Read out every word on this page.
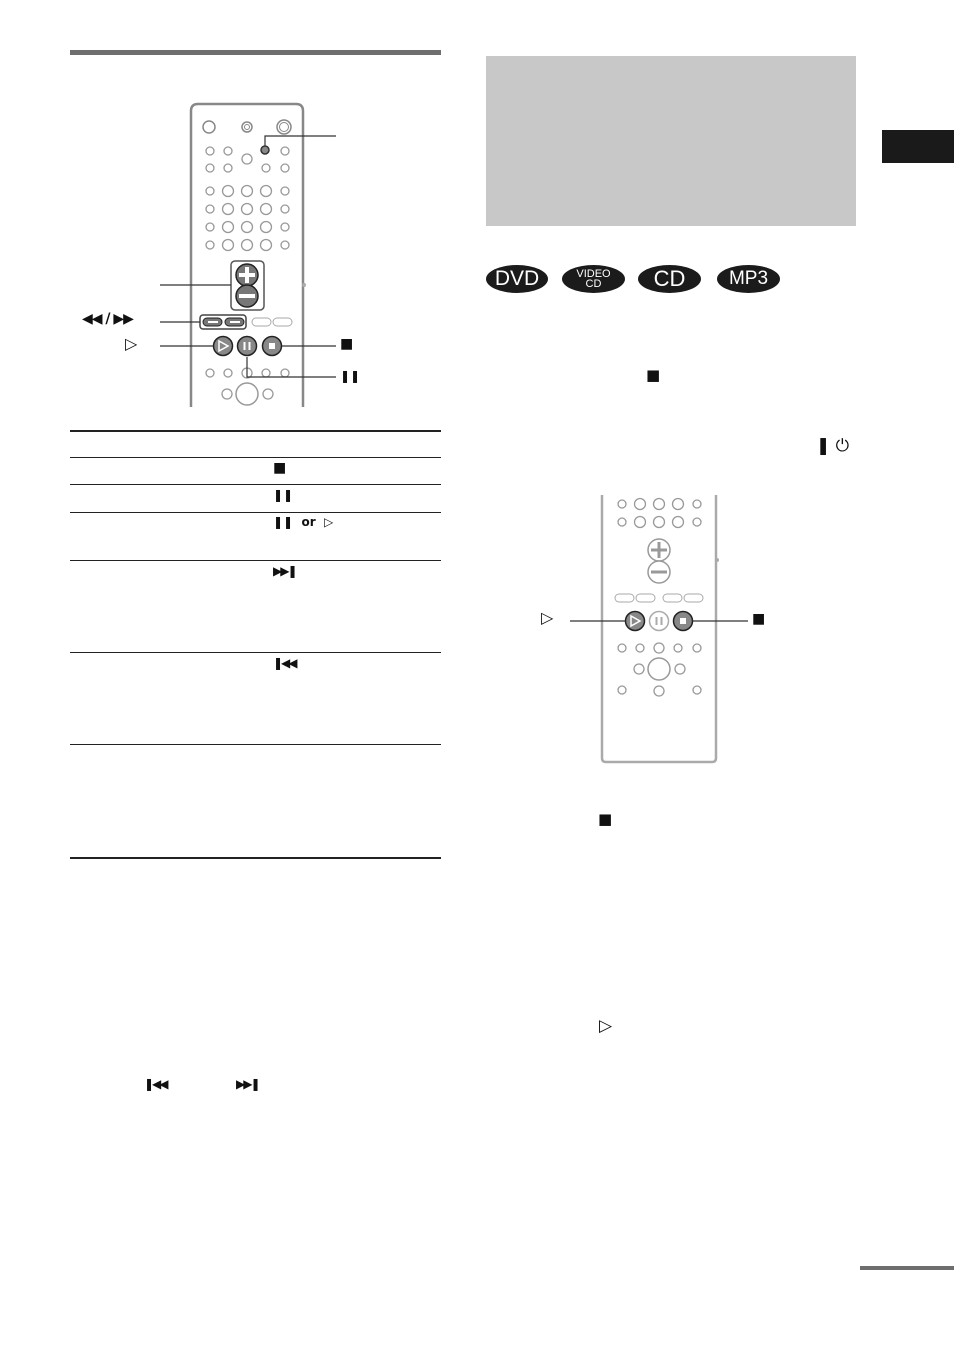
◀◀ / ▶▶
▷	■
❚❚
■
❚❚
❚❚  or  ▷
▶▶❚
❚◀◀
❚◀◀	▶▶❚
DVD	VIDEO
CD CD MP3
■
❚ ⏻
■
▷
▷	■
